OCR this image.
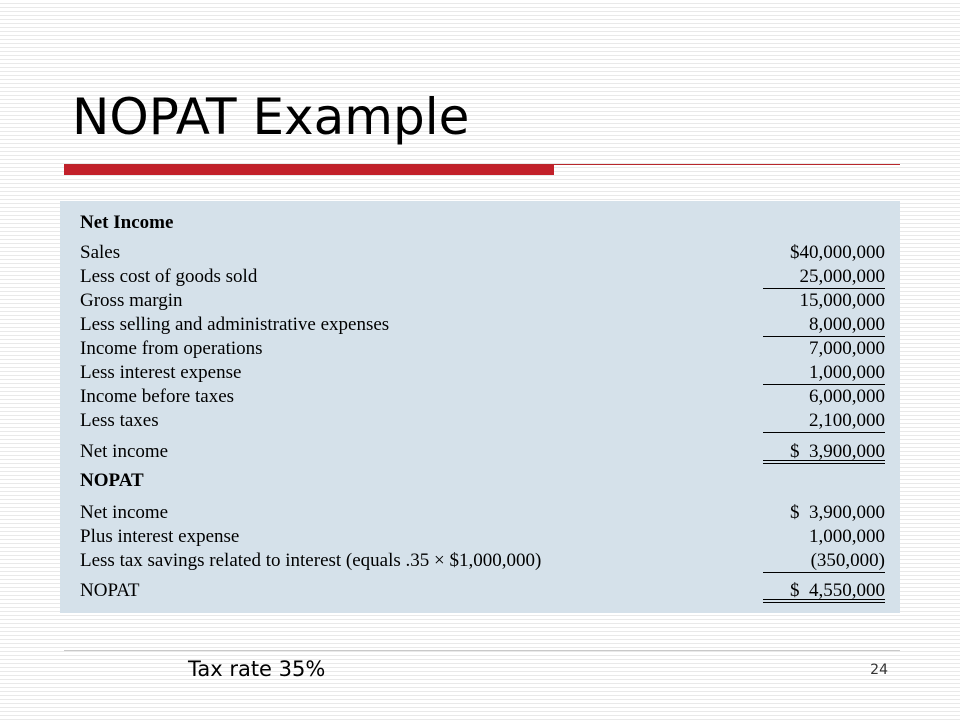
NOPAT Example
Net Income
Sales	$40,000,000
Less cost of goods sold	25,000,000
Gross margin	15,000,000
Less selling and administrative expenses	8,000,000
Income from operations	7,000,000
Less interest expense	1,000,000
Income before taxes	6,000,000
Less taxes	2,100,000
Net income	$  3,900,000
NOPAT
Net income	$  3,900,000
Plus interest expense	1,000,000
Less tax savings related to interest (equals .35 × $1,000,000)	(350,000)
NOPAT	$  4,550,000
Tax rate 35%	24
